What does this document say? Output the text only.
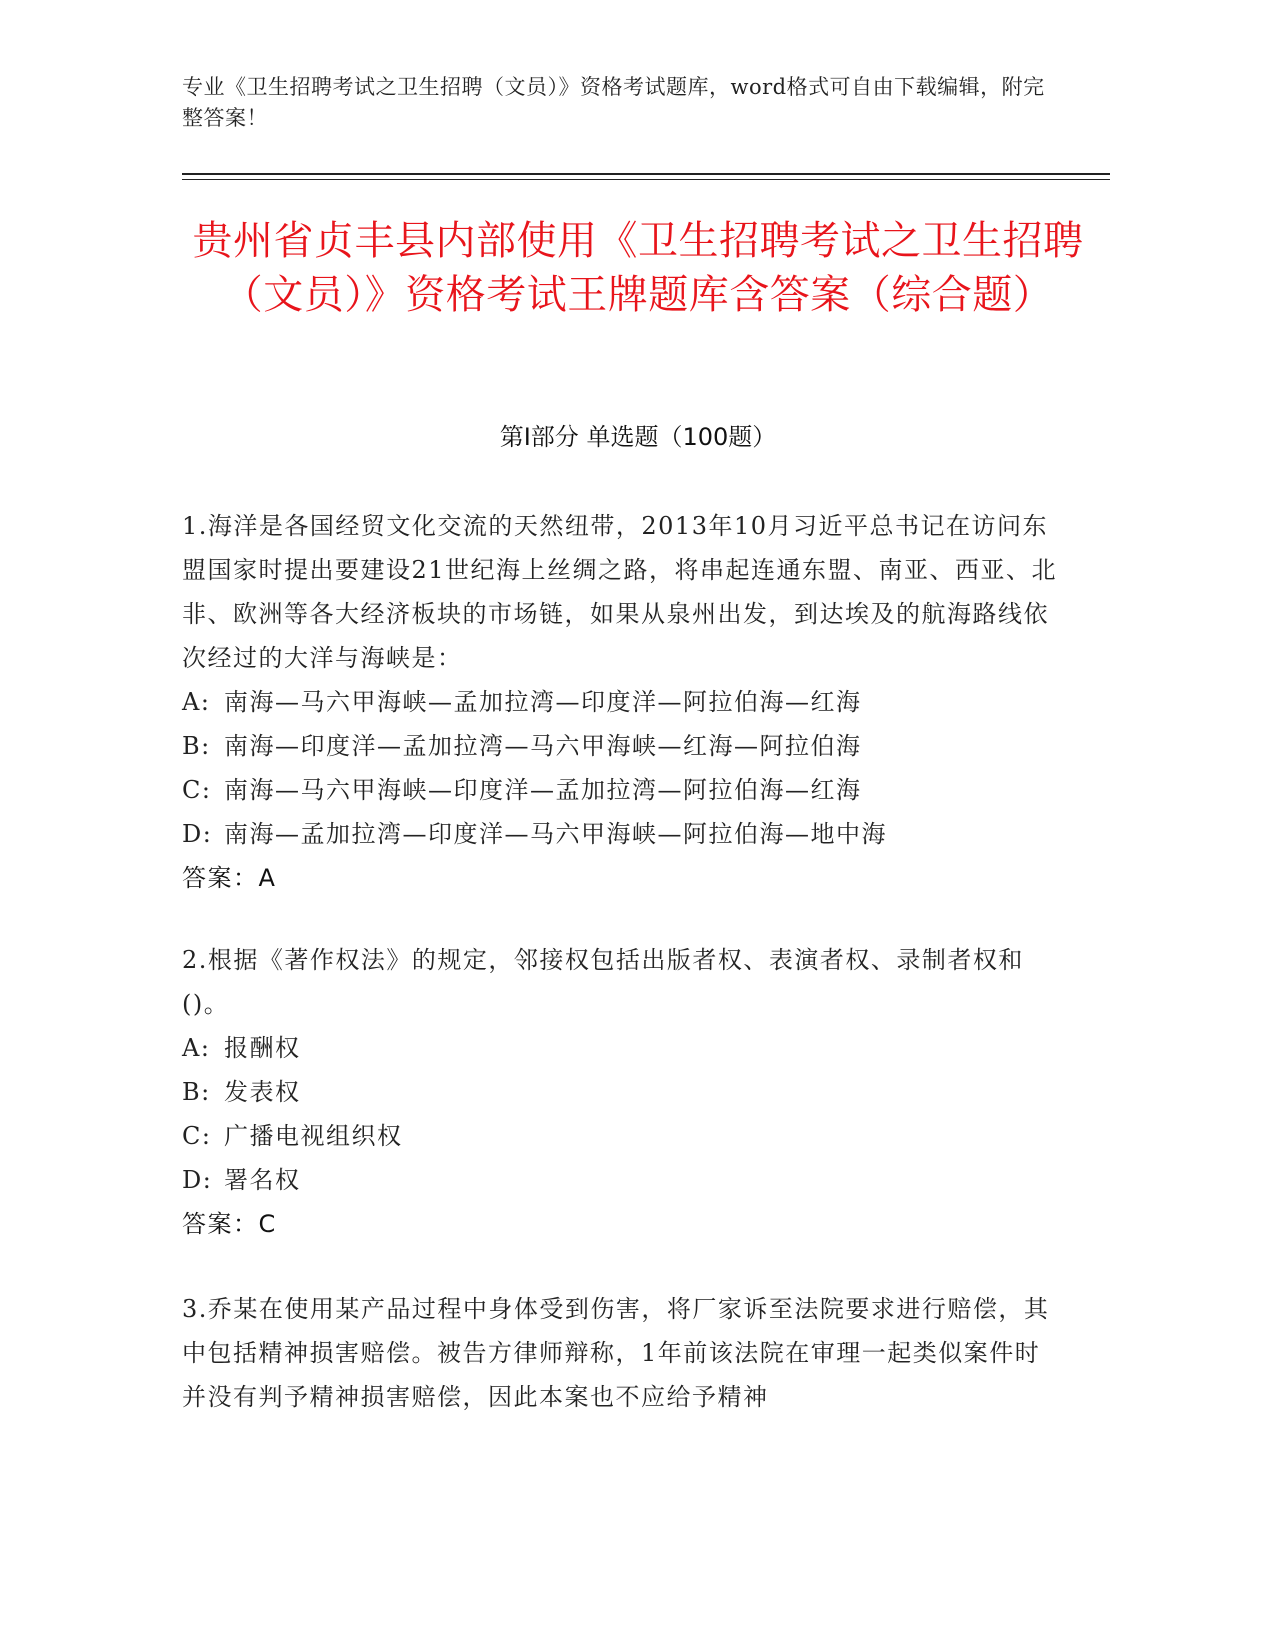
专业《卫生招聘考试之卫生招聘（文员）》资格考试题库，word格式可自由下载编辑，附完整答案！
贵州省贞丰县内部使用《卫生招聘考试之卫生招聘（文员）》资格考试王牌题库含答案（综合题）
第Ⅰ部分 单选题（100题）

1.海洋是各国经贸文化交流的天然纽带，2013年10月习近平总书记在访问东盟国家时提出要建设21世纪海上丝绸之路，将串起连通东盟、南亚、西亚、北非、欧洲等各大经济板块的市场链，如果从泉州出发，到达埃及的航海路线依次经过的大洋与海峡是：

A: 南海—马六甲海峡—孟加拉湾—印度洋—阿拉伯海—红海

B: 南海—印度洋—孟加拉湾—马六甲海峡—红海—阿拉伯海

C: 南海—马六甲海峡—印度洋—孟加拉湾—阿拉伯海—红海

D: 南海—孟加拉湾—印度洋—马六甲海峡—阿拉伯海—地中海

答案：A

2.根据《著作权法》的规定，邻接权包括出版者权、表演者权、录制者权和()。

A: 报酬权

B: 发表权

C: 广播电视组织权

D: 署名权

答案：C

3.乔某在使用某产品过程中身体受到伤害，将厂家诉至法院要求进行赔偿，其中包括精神损害赔偿。被告方律师辩称，1年前该法院在审理一起类似案件时并没有判予精神损害赔偿，因此本案也不应给予精神
